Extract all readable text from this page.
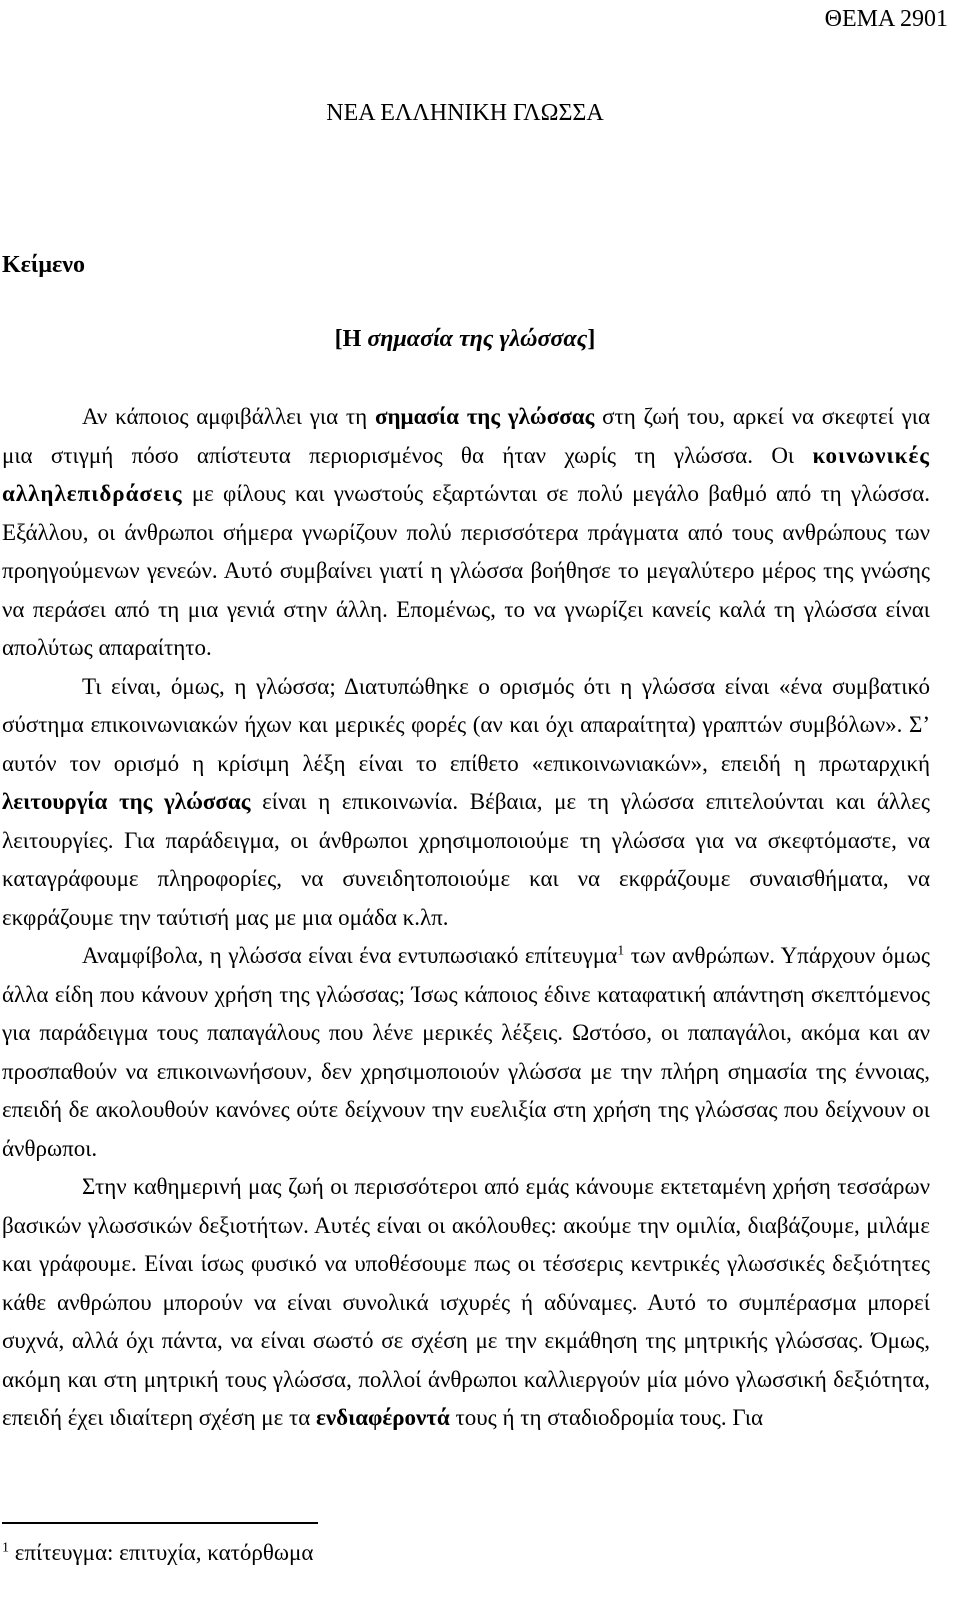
ΘΕΜΑ 2901
ΝΕΑ ΕΛΛΗΝΙΚΗ ΓΛΩΣΣΑ
Κείμενο
[Η σημασία της γλώσσας]

Αν κάποιος αμφιβάλλει για τη σημασία της γλώσσας στη ζωή του, αρκεί να σκεφτεί για μια στιγμή πόσο απίστευτα περιορισμένος θα ήταν χωρίς τη γλώσσα. Οι κοινωνικές αλληλεπιδράσεις με φίλους και γνωστούς εξαρτώνται σε πολύ μεγάλο βαθμό από τη γλώσσα. Εξάλλου, οι άνθρωποι σήμερα γνωρίζουν πολύ περισσότερα πράγματα από τους ανθρώπους των προηγούμενων γενεών. Αυτό συμβαίνει γιατί η γλώσσα βοήθησε το μεγαλύτερο μέρος της γνώσης να περάσει από τη μια γενιά στην άλλη. Επομένως, το να γνωρίζει κανείς καλά τη γλώσσα είναι απολύτως απαραίτητο.

Τι είναι, όμως, η γλώσσα; Διατυπώθηκε ο ορισμός ότι η γλώσσα είναι «ένα συμβατικό σύστημα επικοινωνιακών ήχων και μερικές φορές (αν και όχι απαραίτητα) γραπτών συμβόλων». Σ’ αυτόν τον ορισμό η κρίσιμη λέξη είναι το επίθετο «επικοινωνιακών», επειδή η πρωταρχική λειτουργία της γλώσσας είναι η επικοινωνία. Βέβαια, με τη γλώσσα επιτελούνται και άλλες λειτουργίες. Για παράδειγμα, οι άνθρωποι χρησιμοποιούμε τη γλώσσα για να σκεφτόμαστε, να καταγράφουμε πληροφορίες, να συνειδητοποιούμε και να εκφράζουμε συναισθήματα, να εκφράζουμε την ταύτισή μας με μια ομάδα κ.λπ.

Αναμφίβολα, η γλώσσα είναι ένα εντυπωσιακό επίτευγμα$^1$ των ανθρώπων. Υπάρχουν όμως άλλα είδη που κάνουν χρήση της γλώσσας; Ίσως κάποιος έδινε καταφατική απάντηση σκεπτόμενος για παράδειγμα τους παπαγάλους που λένε μερικές λέξεις. Ωστόσο, οι παπαγάλοι, ακόμα και αν προσπαθούν να επικοινωνήσουν, δεν χρησιμοποιούν γλώσσα με την πλήρη σημασία της έννοιας, επειδή δε ακολουθούν κανόνες ούτε δείχνουν την ευελιξία στη χρήση της γλώσσας που δείχνουν οι άνθρωποι.

Στην καθημερινή μας ζωή οι περισσότεροι από εμάς κάνουμε εκτεταμένη χρήση τεσσάρων βασικών γλωσσικών δεξιοτήτων. Αυτές είναι οι ακόλουθες: ακούμε την ομιλία, διαβάζουμε, μιλάμε και γράφουμε. Είναι ίσως φυσικό να υποθέσουμε πως οι τέσσερις κεντρικές γλωσσικές δεξιότητες κάθε ανθρώπου μπορούν να είναι συνολικά ισχυρές ή αδύναμες. Αυτό το συμπέρασμα μπορεί συχνά, αλλά όχι πάντα, να είναι σωστό σε σχέση με την εκμάθηση της μητρικής γλώσσας. Όμως, ακόμη και στη μητρική τους γλώσσα, πολλοί άνθρωποι καλλιεργούν μία μόνο γλωσσική δεξιότητα, επειδή έχει ιδιαίτερη σχέση με τα ενδιαφέροντά τους ή τη σταδιοδρομία τους. Για

$^1$ επίτευγμα: επιτυχία, κατόρθωμα
